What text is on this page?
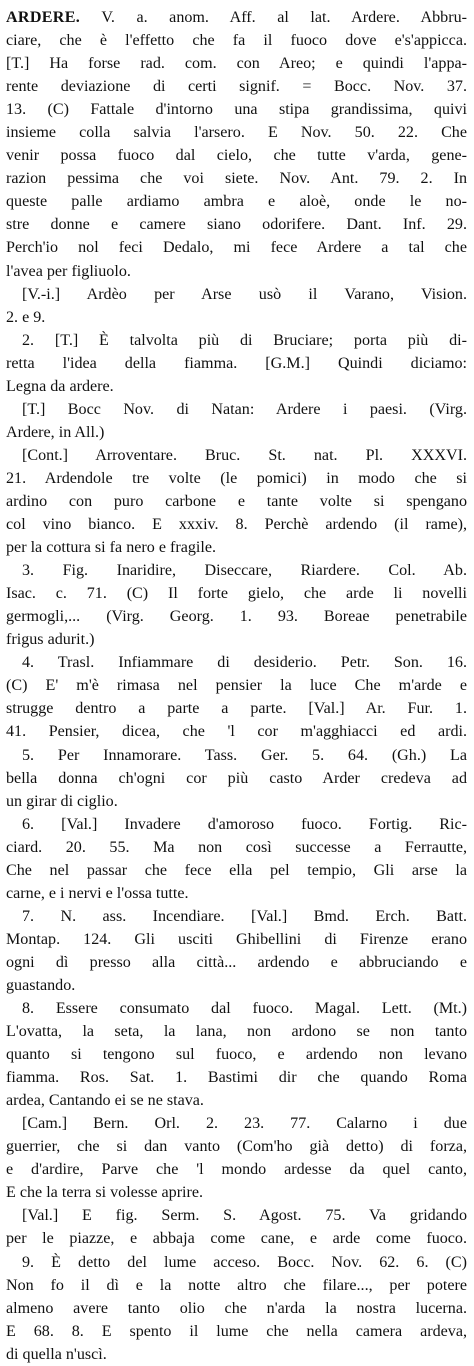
ARDERE. V. a. anom. Aff. al lat. Ardere. Abbru-
ciare, che è l'effetto che fa il fuoco dove e's'appicca.
[T.] Ha forse rad. com. con Areo; e quindi l'appa-
rente deviazione di certi signif. = Bocc. Nov. 37.
13. (C) Fattale d'intorno una stipa grandissima, quivi
insieme colla salvia l'arsero. E Nov. 50. 22. Che
venir possa fuoco dal cielo, che tutte v'arda, gene-
razion pessima che voi siete. Nov. Ant. 79. 2. In
queste palle ardiamo ambra e aloè, onde le no-
stre donne e camere siano odorifere. Dant. Inf. 29.
Perch'io nol feci Dedalo, mi fece Ardere a tal che
l'avea per figliuolo.
[V.-i.] Ardèo per Arse usò il Varano, Vision.
2. e 9.
2. [T.] È talvolta più di Bruciare; porta più di-
retta l'idea della fiamma. [G.M.] Quindi diciamo:
Legna da ardere.
[T.] Bocc Nov. di Natan: Ardere i paesi. (Virg.
Ardere, in All.)
[Cont.] Arroventare. Bruc. St. nat. Pl. XXXVI.
21. Ardendole tre volte (le pomici) in modo che si
ardino con puro carbone e tante volte si spengano
col vino bianco. E xxxiv. 8. Perchè ardendo (il rame),
per la cottura si fa nero e fragile.
3. Fig. Inaridire, Diseccare, Riardere. Col. Ab.
Isac. c. 71. (C) Il forte gielo, che arde li novelli
germogli,... (Virg. Georg. 1. 93. Boreae penetrabile
frigus adurit.)
4. Trasl. Infiammare di desiderio. Petr. Son. 16.
(C) E' m'è rimasa nel pensier la luce Che m'arde e
strugge dentro a parte a parte. [Val.] Ar. Fur. 1.
41. Pensier, dicea, che 'l cor m'agghiacci ed ardi.
5. Per Innamorare. Tass. Ger. 5. 64. (Gh.) La
bella donna ch'ogni cor più casto Arder credeva ad
un girar di ciglio.
6. [Val.] Invadere d'amoroso fuoco. Fortig. Ric-
ciard. 20. 55. Ma non così successe a Ferrautte,
Che nel passar che fece ella pel tempio, Gli arse la
carne, e i nervi e l'ossa tutte.
7. N. ass. Incendiare. [Val.] Bmd. Erch. Batt.
Montap. 124. Gli usciti Ghibellini di Firenze erano
ogni dì presso alla città... ardendo e abbruciando e
guastando.
8. Essere consumato dal fuoco. Magal. Lett. (Mt.)
L'ovatta, la seta, la lana, non ardono se non tanto
quanto si tengono sul fuoco, e ardendo non levano
fiamma. Ros. Sat. 1. Bastimi dir che quando Roma
ardea, Cantando ei se ne stava.
[Cam.] Bern. Orl. 2. 23. 77. Calarno i due
guerrier, che si dan vanto (Com'ho già detto) di forza,
e d'ardire, Parve che 'l mondo ardesse da quel canto,
E che la terra si volesse aprire.
[Val.] E fig. Serm. S. Agost. 75. Va gridando
per le piazze, e abbaja come cane, e arde come fuoco.
9. È detto del lume acceso. Bocc. Nov. 62. 6. (C)
Non fo il dì e la notte altro che filare..., per potere
almeno avere tanto olio che n'arda la nostra lucerna.
E 68. 8. E spento il lume che nella camera ardeva,
di quella n'uscì.
